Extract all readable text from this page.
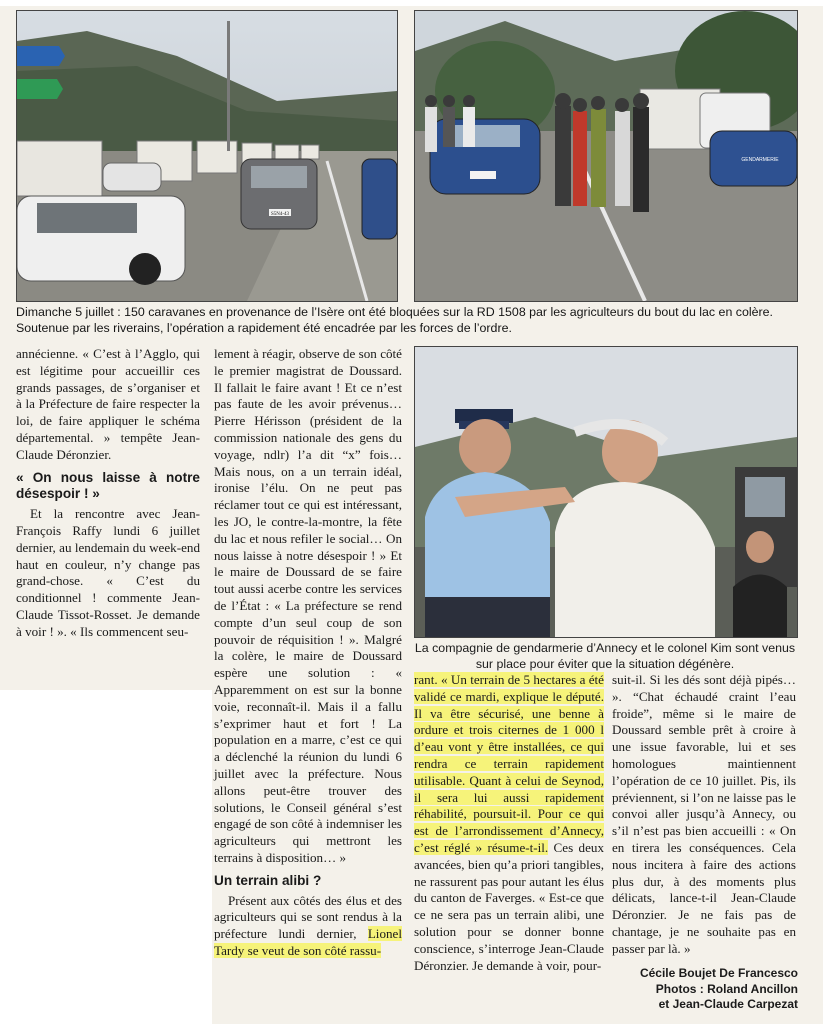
S5N4-43
GENDARMERIE
Dimanche 5 juillet : 150 caravanes en provenance de l’Isère ont été bloquées sur la RD 1508 par les agriculteurs du bout du lac en colère. Soutenue par les riverains, l’opération a rapidement été encadrée par les forces de l’ordre.
La compagnie de gendarmerie d’Annecy et le colonel Kim sont venus sur place pour éviter que la situation dégénère.

annécienne. « C’est à l’Agglo, qui est légitime pour accueillir ces grands passages, de s’organiser et à la Préfecture de faire respecter la loi, de faire appliquer le schéma départemental. » tempête Jean-Claude Déronzier.

« On nous laisse à notre désespoir ! »

Et la rencontre avec Jean-François Raffy lundi 6 juillet dernier, au lendemain du week-end haut en couleur, n’y change pas grand-chose. « C’est du conditionnel ! commente Jean-Claude Tissot-Rosset. Je demande à voir ! ». « Ils commencent seu-

lement à réagir, observe de son côté le premier magistrat de Doussard. Il fallait le faire avant ! Et ce n’est pas faute de les avoir prévenus… Pierre Hérisson (président de la commission nationale des gens du voyage, ndlr) l’a dit “x” fois… Mais nous, on a un terrain idéal, ironise l’élu. On ne peut pas réclamer tout ce qui est intéressant, les JO, le contre-la-montre, la fête du lac et nous refiler le social… On nous laisse à notre désespoir ! » Et le maire de Doussard de se faire tout aussi acerbe contre les services de l’État : « La préfecture se rend compte d’un seul coup de son pouvoir de réquisition ! ». Malgré la colère, le maire de Doussard espère une solution : « Apparemment on est sur la bonne voie, reconnaît-il. Mais il a fallu s’exprimer haut et fort ! La population en a marre, c’est ce qui a déclenché la réunion du lundi 6 juillet avec la préfecture. Nous allons peut-être trouver des solutions, le Conseil général s’est engagé de son côté à indemniser les agriculteurs qui mettront les terrains à disposition… »

Un terrain alibi ?

Présent aux côtés des élus et des agriculteurs qui se sont rendus à la préfecture lundi dernier, Lionel Tardy se veut de son côté rassu-

rant. « Un terrain de 5 hectares a été validé ce mardi, explique le député. Il va être sécurisé, une benne à ordure et trois citernes de 1 000 l d’eau vont y être installées, ce qui rendra ce terrain rapidement utilisable. Quant à celui de Seynod, il sera lui aussi rapidement réhabilité, poursuit-il. Pour ce qui est de l’arrondissement d’Annecy, c’est réglé » résume-t-il. Ces deux avancées, bien qu’a priori tangibles, ne rassurent pas pour autant les élus du canton de Faverges. « Est-ce que ce ne sera pas un terrain alibi, une solution pour se donner bonne conscience, s’interroge Jean-Claude Déronzier. Je demande à voir, pour-

suit-il. Si les dés sont déjà pipés… ». “Chat échaudé craint l’eau froide”, même si le maire de Doussard semble prêt à croire à une issue favorable, lui et ses homologues maintiennent l’opération de ce 10 juillet. Pis, ils préviennent, si l’on ne laisse pas le convoi aller jusqu’à Annecy, ou s’il n’est pas bien accueilli : « On en tirera les conséquences. Cela nous incitera à faire des actions plus dur, à des moments plus délicats, lance-t-il Jean-Claude Déronzier. Je ne fais pas de chantage, je ne souhaite pas en passer par là. »

Cécile Boujet De Francesco
Photos : Roland Ancillon
et Jean-Claude Carpezat
